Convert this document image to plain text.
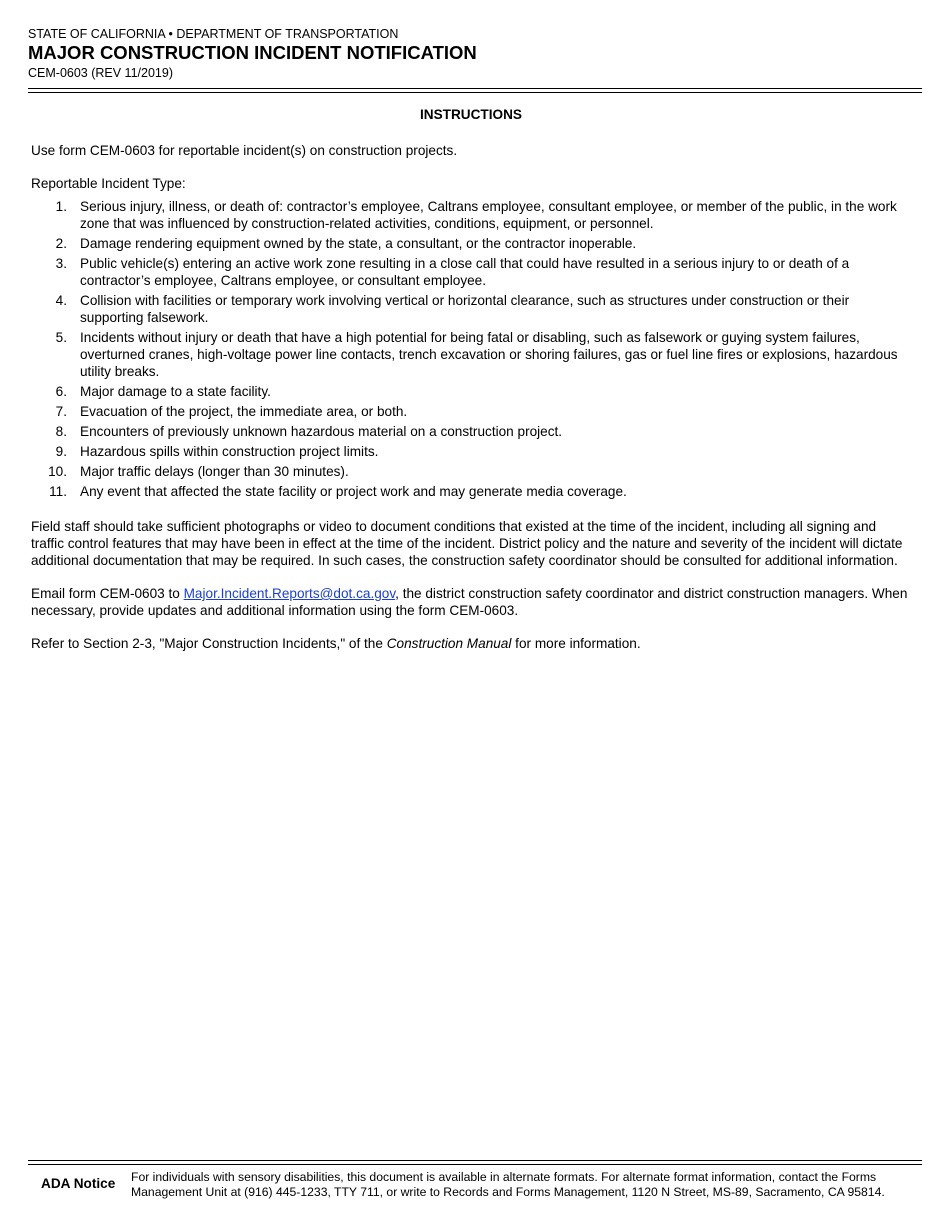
STATE OF CALIFORNIA • DEPARTMENT OF TRANSPORTATION
MAJOR CONSTRUCTION INCIDENT NOTIFICATION
CEM-0603 (REV 11/2019)
INSTRUCTIONS

Use form CEM-0603 for reportable incident(s) on construction projects.

Reportable Incident Type:

1. Serious injury, illness, or death of: contractor’s employee, Caltrans employee, consultant employee, or member of the public, in the work zone that was influenced by construction-related activities, conditions, equipment, or personnel.
2. Damage rendering equipment owned by the state, a consultant, or the contractor inoperable.
3. Public vehicle(s) entering an active work zone resulting in a close call that could have resulted in a serious injury to or death of a contractor’s employee, Caltrans employee, or consultant employee.
4. Collision with facilities or temporary work involving vertical or horizontal clearance, such as structures under construction or their supporting falsework.
5. Incidents without injury or death that have a high potential for being fatal or disabling, such as falsework or guying system failures, overturned cranes, high-voltage power line contacts, trench excavation or shoring failures, gas or fuel line fires or explosions, hazardous utility breaks.
6. Major damage to a state facility.
7. Evacuation of the project, the immediate area, or both.
8. Encounters of previously unknown hazardous material on a construction project.
9. Hazardous spills within construction project limits.
10. Major traffic delays (longer than 30 minutes).
11. Any event that affected the state facility or project work and may generate media coverage.

Field staff should take sufficient photographs or video to document conditions that existed at the time of the incident, including all signing and traffic control features that may have been in effect at the time of the incident. District policy and the nature and severity of the incident will dictate additional documentation that may be required. In such cases, the construction safety coordinator should be consulted for additional information.

Email form CEM-0603 to Major.Incident.Reports@dot.ca.gov, the district construction safety coordinator and district construction managers. When necessary, provide updates and additional information using the form CEM-0603.

Refer to Section 2-3, "Major Construction Incidents," of the Construction Manual for more information.

ADA Notice For individuals with sensory disabilities, this document is available in alternate formats. For alternate format information, contact the Forms Management Unit at (916) 445-1233, TTY 711, or write to Records and Forms Management, 1120 N Street, MS-89, Sacramento, CA 95814.
